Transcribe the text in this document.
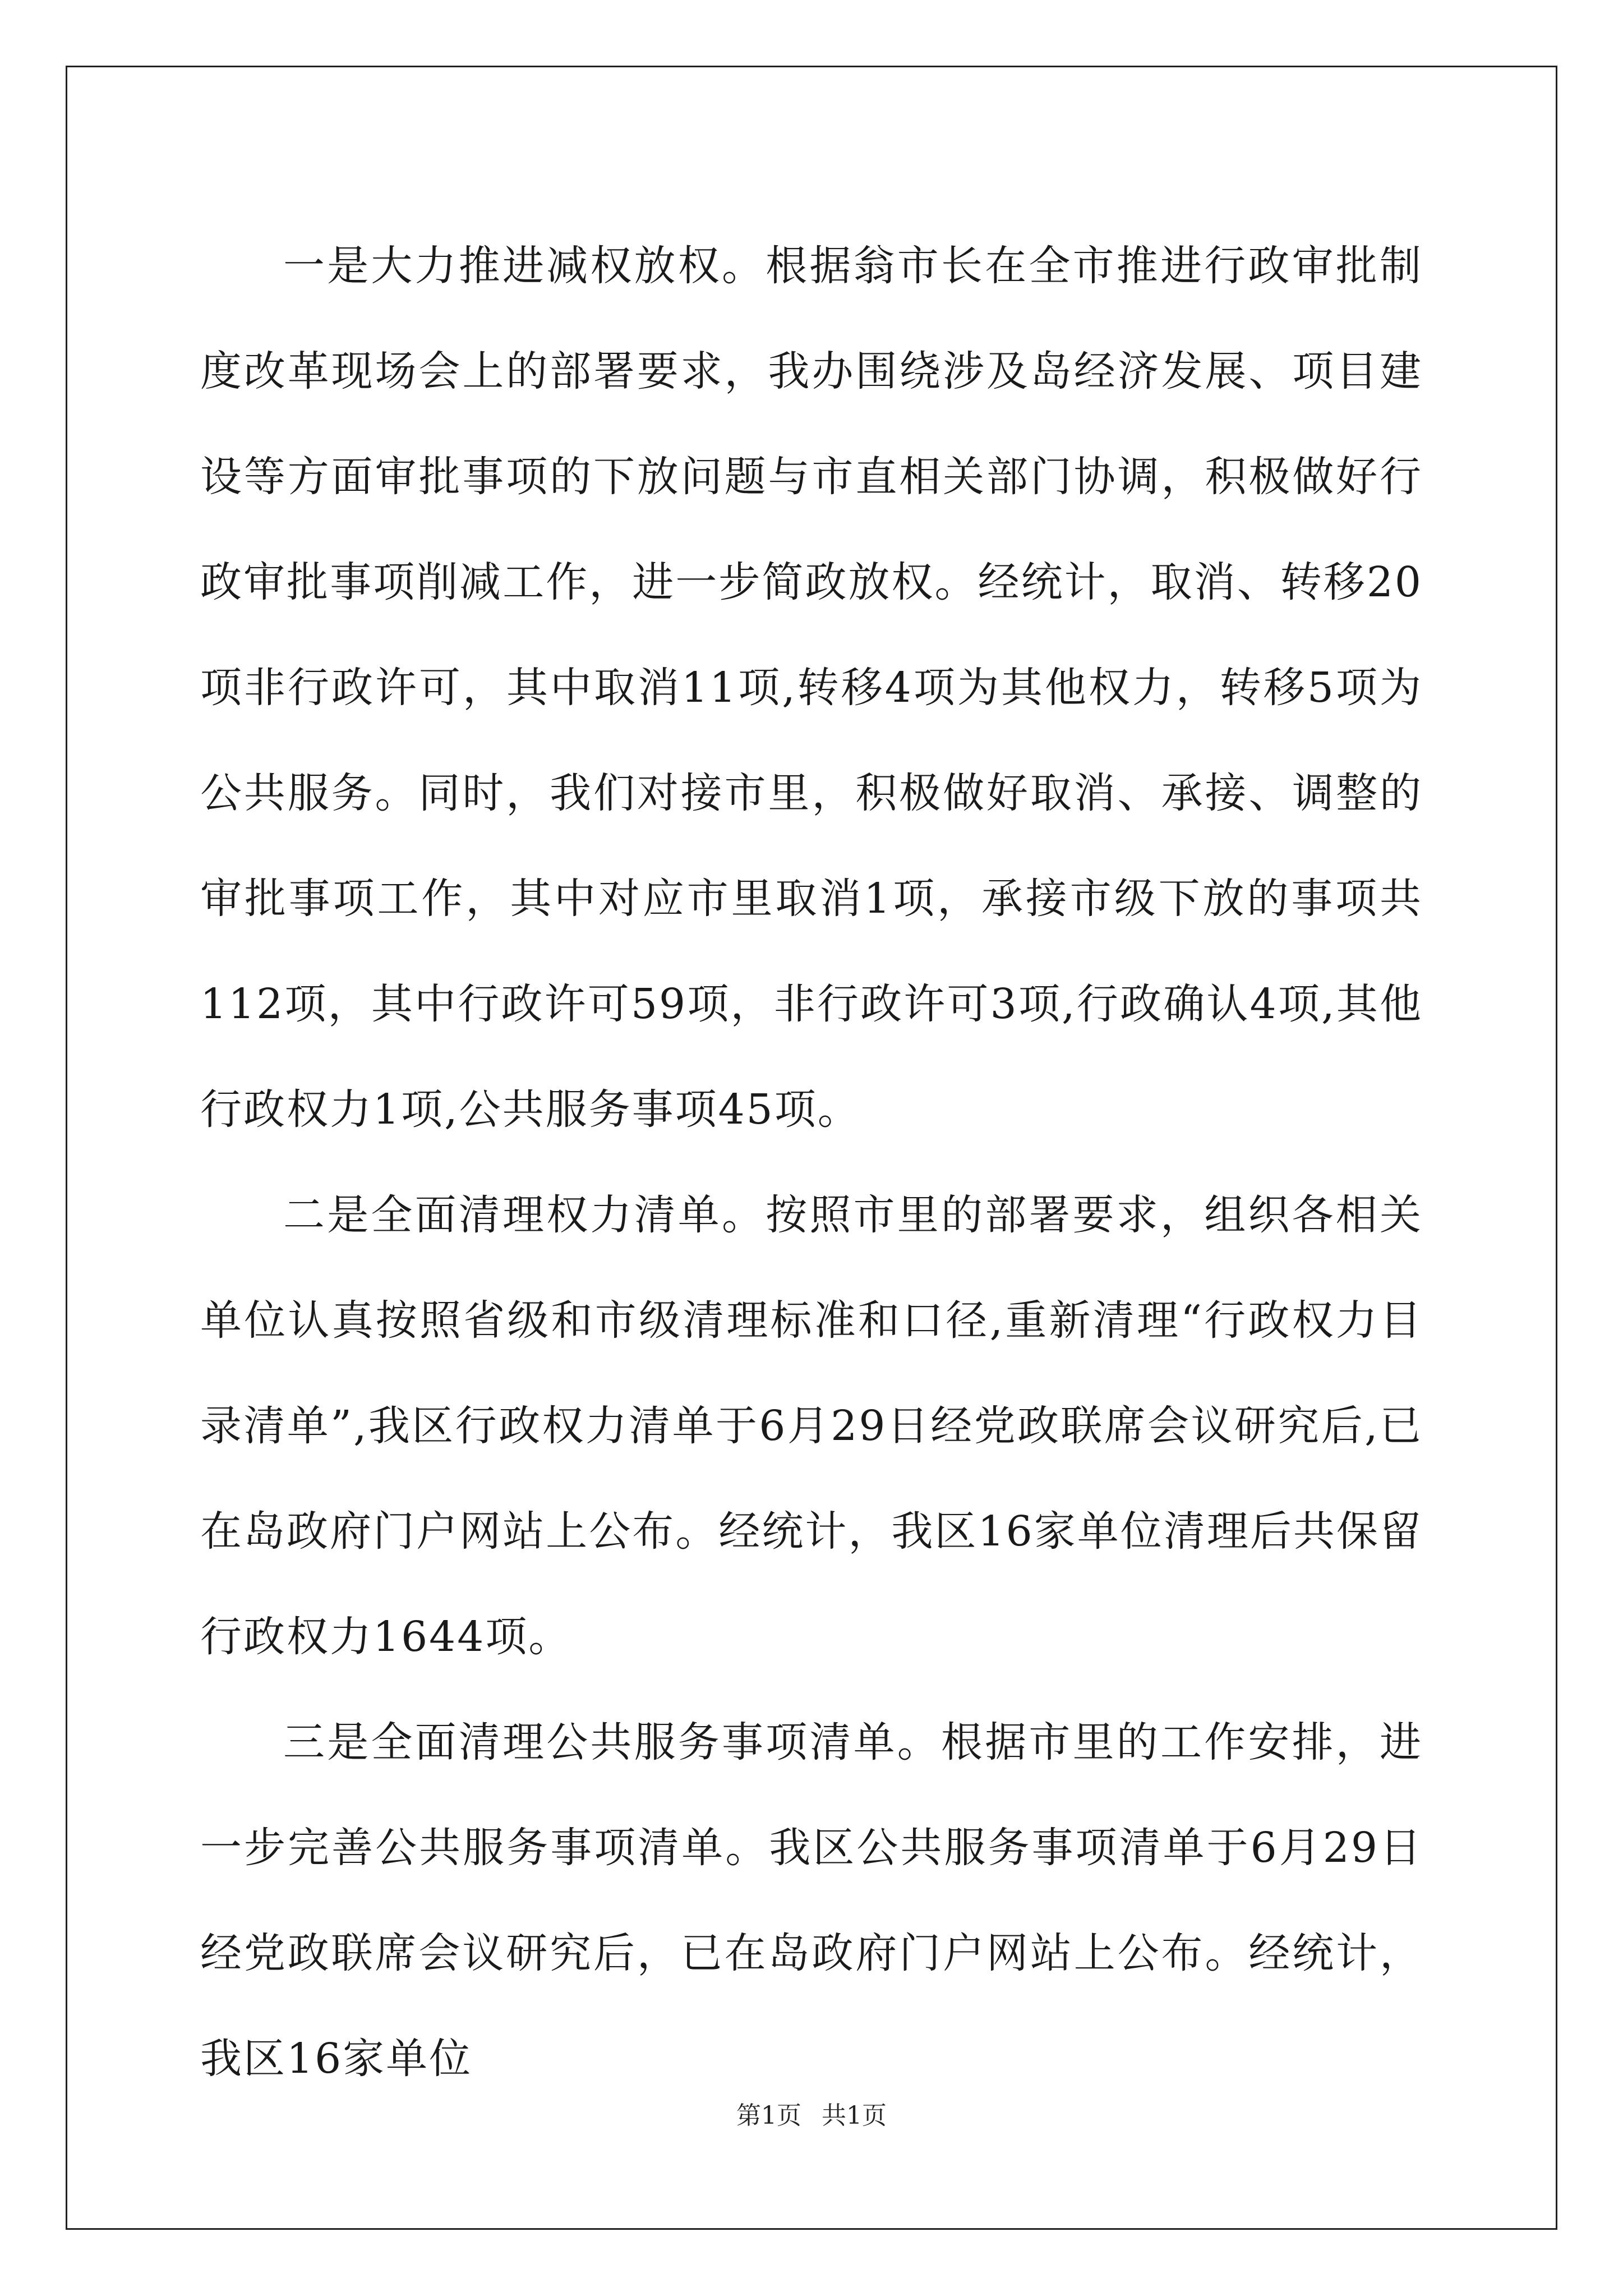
一是大力推进减权放权。根据翁市长在全市推进行政审批制度改革现场会上的部署要求，我办围绕涉及岛经济发展、项目建设等方面审批事项的下放问题与市直相关部门协调，积极做好行政审批事项削减工作，进一步简政放权。经统计，取消、转移20项非行政许可，其中取消11项,转移4项为其他权力，转移5项为公共服务。同时，我们对接市里，积极做好取消、承接、调整的审批事项工作，其中对应市里取消1项，承接市级下放的事项共112项，其中行政许可59项，非行政许可3项,行政确认4项,其他行政权力1项,公共服务事项45项。

二是全面清理权力清单。按照市里的部署要求，组织各相关单位认真按照省级和市级清理标准和口径,重新清理“行政权力目录清单”,我区行政权力清单于6月29日经党政联席会议研究后,已在岛政府门户网站上公布。经统计，我区16家单位清理后共保留行政权力1644项。

三是全面清理公共服务事项清单。根据市里的工作安排，进一步完善公共服务事项清单。我区公共服务事项清单于6月29日经党政联席会议研究后，已在岛政府门户网站上公布。经统计，我区16家单位

第1页 共1页
